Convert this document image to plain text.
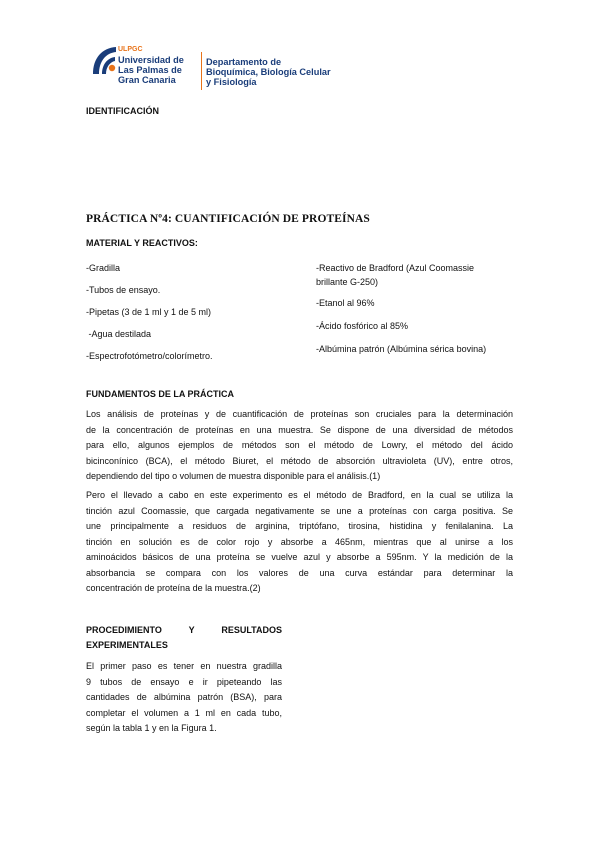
ULPGC
Universidad de
Las Palmas de
Gran Canaria
Departamento de
Bioquímica, Biología Celular
y Fisiología
IDENTIFICACIÓN
PRÁCTICA Nº4: CUANTIFICACIÓN DE PROTEÍNAS
MATERIAL Y REACTIVOS:
-Gradilla
-Tubos de ensayo.
-Pipetas (3 de 1 ml y 1 de 5 ml)
-Agua destilada
-Espectrofotómetro/colorímetro.
-Reactivo de Bradford (Azul Coomassie
brillante G-250)
-Etanol al 96%
-Ácido fosfórico al 85%
-Albúmina patrón (Albúmina sérica bovina)
FUNDAMENTOS DE LA PRÁCTICA
Los análisis de proteínas y de cuantificación de proteínas son cruciales para la determinación
de la concentración de proteínas en una muestra. Se dispone de una diversidad de métodos
para ello, algunos ejemplos de métodos son el método de Lowry, el método del ácido
bicinconínico (BCA), el método Biuret, el método de absorción ultravioleta (UV), entre otros,
dependiendo del tipo o volumen de muestra disponible para el análisis.(1)
Pero el llevado a cabo en este experimento es el método de Bradford, en la cual se utiliza la
tinción azul Coomassie, que cargada negativamente se une a proteínas con carga positiva. Se
une principalmente a residuos de arginina, triptófano, tirosina, histidina y fenilalanina. La
tinción en solución es de color rojo y absorbe a 465nm, mientras que al unirse a los
aminoácidos básicos de una proteína se vuelve azul y absorbe a 595nm. Y la medición de la
absorbancia se compara con los valores de una curva estándar para determinar la
concentración de proteína de la muestra.(2)
PROCEDIMIENTO	Y	RESULTADOS
EXPERIMENTALES
El primer paso es tener en nuestra gradilla
9 tubos de ensayo e ir pipeteando las
cantidades de albúmina patrón (BSA), para
completar el volumen a 1 ml en cada tubo,
según la tabla 1 y en la Figura 1.
